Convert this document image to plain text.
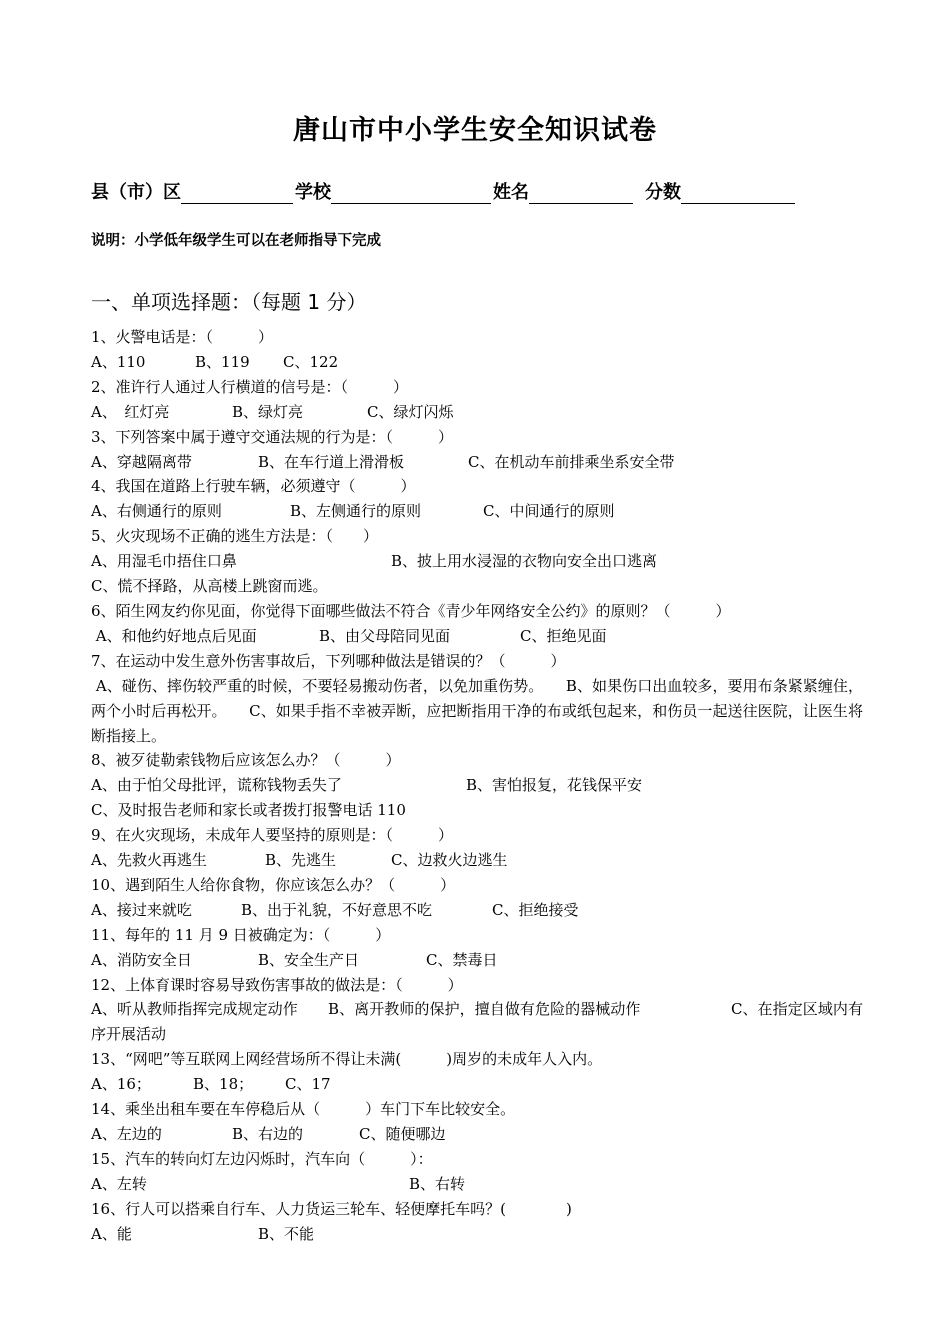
唐山市中小学生安全知识试卷
县（市）区	学校	姓名	分数
说明：小学低年级学生可以在老师指导下完成
一、单项选择题：（每题 1 分）
1、火警电话是：（　　　）
A、110	B、119 C、122
2、准许行人通过人行横道的信号是：（　　　）
A、　红灯亮	B、绿灯亮	C、绿灯闪烁
3、下列答案中属于遵守交通法规的行为是：（　　　）
A、穿越隔离带	B、在车行道上滑滑板	C、在机动车前排乘坐系安全带
4、我国在道路上行驶车辆，必须遵守（　　　）
A、右侧通行的原则	B、左侧通行的原则	C、中间通行的原则
5、火灾现场不正确的逃生方法是：（　　）
A、用湿毛巾捂住口鼻	B、披上用水浸湿的衣物向安全出口逃离
C、慌不择路，从高楼上跳窗而逃。
6、陌生网友约你见面，你觉得下面哪些做法不符合《青少年网络安全公约》的原则？（　　　）
A、和他约好地点后见面	B、由父母陪同见面	C、拒绝见面
7、在运动中发生意外伤害事故后，下列哪种做法是错误的？（　　　）
A、碰伤、摔伤较严重的时候，不要轻易搬动伤者，以免加重伤势。　　 B、如果伤口出血较多，要用布条紧紧缠住，两个小时后再松开。　　 C、如果手指不幸被弄断，应把断指用干净的布或纸包起来，和伤员一起送往医院，让医生将断指接上。
8、被歹徒勒索钱物后应该怎么办？（　　　）
A、由于怕父母批评，谎称钱物丢失了	B、害怕报复，花钱保平安
C、及时报告老师和家长或者拨打报警电话 110
9、在火灾现场，未成年人要坚持的原则是：（　　　）
A、先救火再逃生	B、先逃生	C、边救火边逃生
10、遇到陌生人给你食物，你应该怎么办？（　　　）
A、接过来就吃	B、出于礼貌，不好意思不吃	C、拒绝接受
11、每年的 11 月 9 日被确定为：（　　　）
A、消防安全日	B、安全生产日	C、禁毒日
12、上体育课时容易导致伤害事故的做法是：（　　　）
A、听从教师指挥完成规定动作　　 B、离开教师的保护，擅自做有危险的器械动作　　　　　　	C、在指定区域内有序开展活动
13、“网吧”等互联网上网经营场所不得让未满(　　　)周岁的未成年人入内。
A、16；	B、18； C、17
14、乘坐出租车要在车停稳后从（　　　）车门下车比较安全。
A、左边的	B、右边的	C、随便哪边
15、汽车的转向灯左边闪烁时，汽车向（　　　）：
A、左转	B、右转
16、行人可以搭乘自行车、人力货运三轮车、轻便摩托车吗？(　　　　)
A、能	B、不能
